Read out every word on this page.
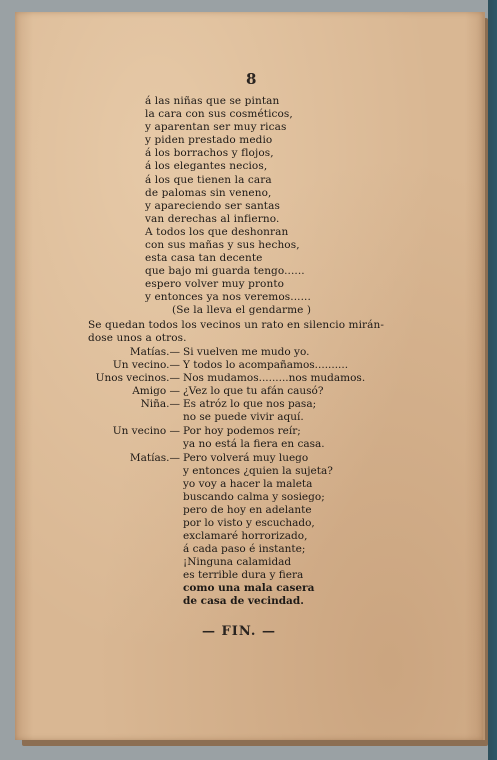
8
á las niñas que se pintan
la cara con sus cosméticos,
y aparentan ser muy ricas
y piden prestado medio
á los borrachos y flojos,
á los elegantes necios,
á los que tienen la cara
de palomas sin veneno,
y apareciendo ser santas
van derechas al infierno.
A todos los que deshonran
con sus mañas y sus hechos,
esta casa tan decente
que bajo mi guarda tengo......
espero volver muy pronto
y entonces ya nos veremos......
(Se la lleva el gendarme )
Se quedan todos los vecinos un rato en silencio mirán-
dose unos a otros.
Matías.— Si vuelven me mudo yo.
Un vecino.— Y todos lo acompañamos..........
Unos vecinos.— Nos mudamos.........nos mudamos.
Amigo — ¿Vez lo que tu afán causó?
Niña.— Es atróz lo que nos pasa;
no se puede vivir aquí.
Un vecino — Por hoy podemos reír;
ya no está la fiera en casa.
Matías.— Pero volverá muy luego
y entonces ¿quien la sujeta?
yo voy a hacer la maleta
buscando calma y sosiego;
pero de hoy en adelante
por lo visto y escuchado,
exclamaré horrorizado,
á cada paso é instante;
¡Ninguna calamidad
es terrible dura y fiera
como una mala casera
de casa de vecindad.
— FIN. —
